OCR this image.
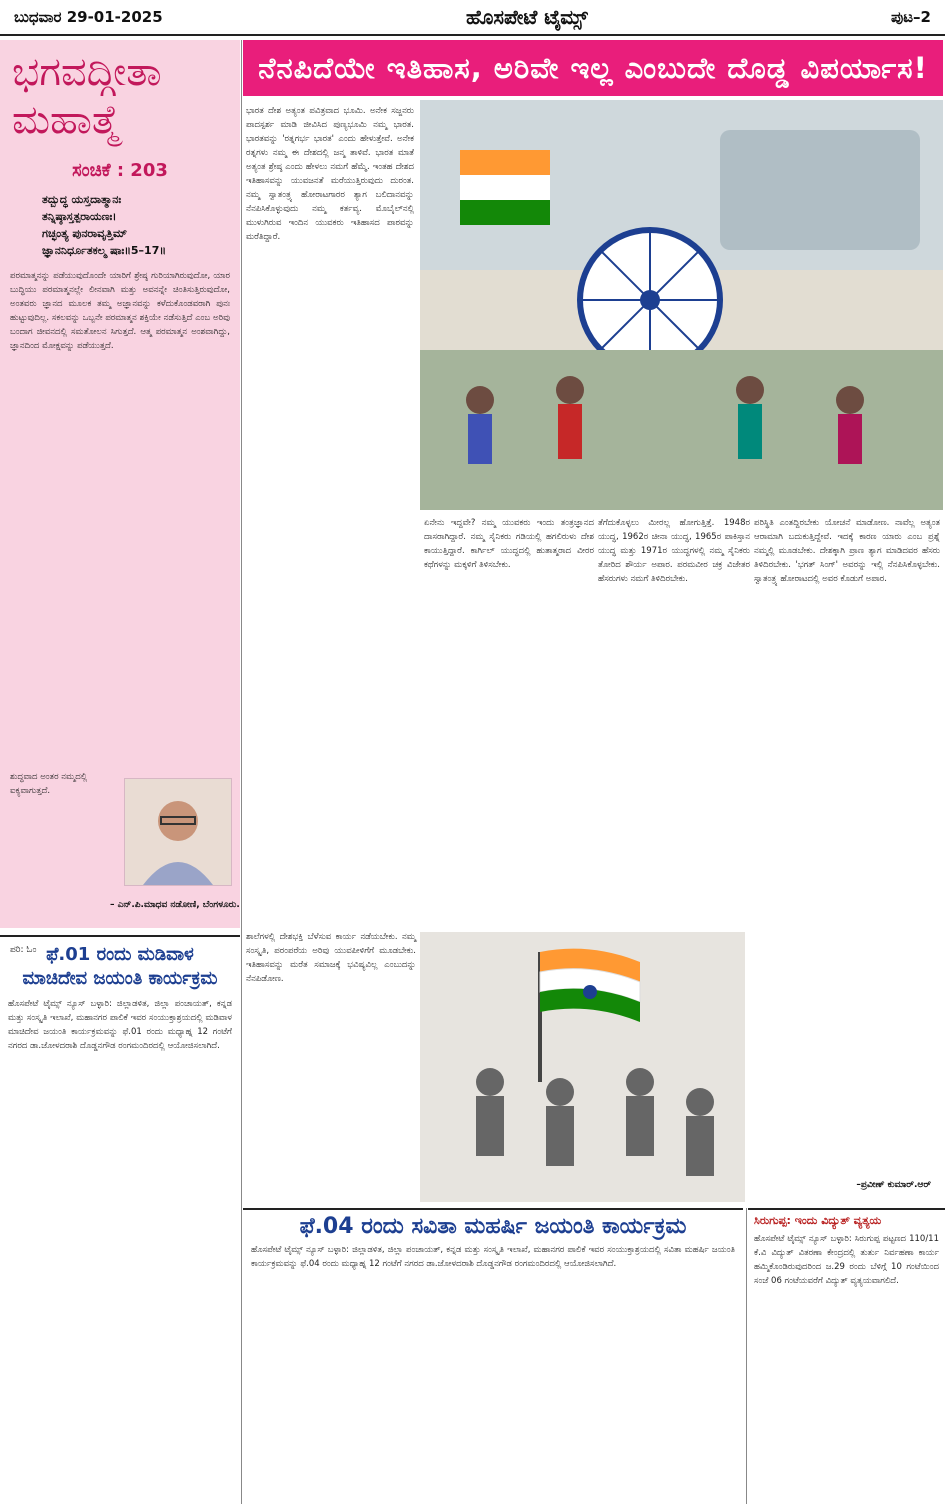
ಬುಧವಾರ 29-01-2025	ಹೊಸಪೇಟೆ ಟೈಮ್ಸ್	ಪುಟ–2
ಭಗವದ್ಗೀತಾ ಮಹಾತ್ಮೆ
ಸಂಚಿಕೆ : 203
ತದ್ಬುದ್ಧ ಯಸ್ತದಾತ್ಮಾನಃ
ತನ್ನಿಷ್ಠಾಸ್ತತ್ಪರಾಯಣಃ।
ಗಚ್ಛಂತ್ಯ ಪುನರಾವೃತ್ತಿಮ್
ಜ್ಞಾನನಿರ್ಧೂತಕಲ್ಮ ಷಾಃ॥5–17॥

ಪರಮಾತ್ಮನನ್ನು ಪಡೆಯುವುದೊಂದೇ ಯಾರಿಗೆ ಶ್ರೇಷ್ಠ ಗುರಿಯಾಗಿರುವುದೋ, ಯಾರ ಬುದ್ಧಿಯು ಪರಮಾತ್ಮನಲ್ಲೇ ಲೀನವಾಗಿ ಮತ್ತು ಅವನನ್ನೇ ಚಿಂತಿಸುತ್ತಿರುವುದೋ, ಅಂತವರು ಜ್ಞಾನದ ಮೂಲಕ ತಮ್ಮ ಅಜ್ಞಾನವನ್ನು ಕಳೆದುಕೊಂಡವರಾಗಿ ಪುನಃ ಹುಟ್ಟುವುದಿಲ್ಲ. ಸಕಲವನ್ನು ಒಬ್ಬನೇ ಪರಮಾತ್ಮನ ಶಕ್ತಿಯೇ ನಡೆಸುತ್ತಿದೆ ಎಂಬ ಅರಿವು ಬಂದಾಗ ಜೀವನದಲ್ಲಿ ಸಮತೋಲನ ಸಿಗುತ್ತದೆ. ಆತ್ಮ ಪರಮಾತ್ಮನ ಅಂಶವಾಗಿದ್ದು, ಜ್ಞಾನದಿಂದ ಮೋಕ್ಷವನ್ನು ಪಡೆಯುತ್ತದೆ.

ಶುದ್ಧವಾದ ಅಂತರ ನಮ್ಮದಲ್ಲಿ ಐಕ್ಯವಾಗುತ್ತದೆ.

– ಎನ್.ಪಿ.ಮಾಧವ ನಡೋಣಿ, ಬೆಂಗಳೂರು.
ಪರಿ: ಓಂ
ನೆನಪಿದೆಯೇ ಇತಿಹಾಸ, ಅರಿವೇ ಇಲ್ಲ ಎಂಬುದೇ ದೊಡ್ಡ ವಿಪರ್ಯಾಸ!
ಭಾರತ ದೇಶ ಅತ್ಯಂತ ಪವಿತ್ರವಾದ ಭೂಮಿ. ಅನೇಕ ಸಜ್ಜನರು ಪಾದಸ್ಪರ್ಶ ಮಾಡಿ ಜೀವಿಸಿದ ಪುಣ್ಯಭೂಮಿ ನಮ್ಮ ಭಾರತ. ಭಾರತವನ್ನು 'ರತ್ನಗರ್ಭ ಭಾರತ' ಎಂದು ಹೇಳುತ್ತೇವೆ. ಅನೇಕ ರತ್ನಗಳು ನಮ್ಮ ಈ ದೇಶದಲ್ಲಿ ಜನ್ಮ ತಾಳಿವೆ. ಭಾರತ ಮಾತೆ ಅತ್ಯಂತ ಶ್ರೇಷ್ಠ ಎಂದು ಹೇಳಲು ನಮಗೆ ಹೆಮ್ಮೆ. ಇಂತಹ ದೇಶದ ಇತಿಹಾಸವನ್ನು ಯುವಜನತೆ ಮರೆಯುತ್ತಿರುವುದು ದುರಂತ. ನಮ್ಮ ಸ್ವಾತಂತ್ರ್ಯ ಹೋರಾಟಗಾರರ ತ್ಯಾಗ ಬಲಿದಾನವನ್ನು ನೆನಪಿಸಿಕೊಳ್ಳುವುದು ನಮ್ಮ ಕರ್ತವ್ಯ. ಮೊಬೈಲ್‌ನಲ್ಲಿ ಮುಳುಗಿರುವ ಇಂದಿನ ಯುವಕರು ಇತಿಹಾಸದ ಪಾಠವನ್ನು ಮರೆತಿದ್ದಾರೆ.
ಏನೇನು ಇದ್ದವೇ? ನಮ್ಮ ಯುವಕರು ಇಂದು ತಂತ್ರಜ್ಞಾನದ ದಾಸರಾಗಿದ್ದಾರೆ. ನಮ್ಮ ಸೈನಿಕರು ಗಡಿಯಲ್ಲಿ ಹಗಲಿರುಳು ದೇಶ ಕಾಯುತ್ತಿದ್ದಾರೆ. ಕಾರ್ಗಿಲ್ ಯುದ್ಧದಲ್ಲಿ ಹುತಾತ್ಮರಾದ ವೀರರ ಕಥೆಗಳನ್ನು ಮಕ್ಕಳಿಗೆ ತಿಳಿಸಬೇಕು.
ತೆಗೆದುಕೊಳ್ಳಲು ಮೀರಲ್ಲ ಹೋಗುತ್ತಿತ್ತೆ. 1948ರ ಯುದ್ಧ, 1962ರ ಚೀನಾ ಯುದ್ಧ, 1965ರ ಪಾಕಿಸ್ತಾನ ಯುದ್ಧ ಮತ್ತು 1971ರ ಯುದ್ಧಗಳಲ್ಲಿ ನಮ್ಮ ಸೈನಿಕರು ತೋರಿದ ಶೌರ್ಯ ಅಪಾರ. ಪರಮವೀರ ಚಕ್ರ ವಿಜೇತರ ಹೆಸರುಗಳು ನಮಗೆ ತಿಳಿದಿರಬೇಕು.
ಪರಿಸ್ಥಿತಿ ಎಂತದ್ದಿರಬೇಕು ಯೋಚನೆ ಮಾಡೋಣ. ನಾವೆಲ್ಲ ಅತ್ಯಂತ ಆರಾಮಾಗಿ ಬದುಕುತ್ತಿದ್ದೇವೆ. ಇದಕ್ಕೆ ಕಾರಣ ಯಾರು ಎಂಬ ಪ್ರಶ್ನೆ ನಮ್ಮಲ್ಲಿ ಮೂಡಬೇಕು. ದೇಶಕ್ಕಾಗಿ ಪ್ರಾಣ ತ್ಯಾಗ ಮಾಡಿದವರ ಹೆಸರು ತಿಳಿದಿರಬೇಕು. 'ಭಗತ್ ಸಿಂಗ್' ಅವರನ್ನು ಇಲ್ಲಿ ನೆನಪಿಸಿಕೊಳ್ಳಬೇಕು. ಸ್ವಾತಂತ್ರ್ಯ ಹೋರಾಟದಲ್ಲಿ ಅವರ ಕೊಡುಗೆ ಅಪಾರ.
ಶಾಲೆಗಳಲ್ಲಿ ದೇಶಭಕ್ತಿ ಬೆಳೆಸುವ ಕಾರ್ಯ ನಡೆಯಬೇಕು. ನಮ್ಮ ಸಂಸ್ಕೃತಿ, ಪರಂಪರೆಯ ಅರಿವು ಯುವಪೀಳಿಗೆಗೆ ಮೂಡಬೇಕು. ಇತಿಹಾಸವನ್ನು ಮರೆತ ಸಮಾಜಕ್ಕೆ ಭವಿಷ್ಯವಿಲ್ಲ ಎಂಬುದನ್ನು ನೆನಪಿಡೋಣ.
–ಪ್ರವೀಣ್ ಕುಮಾರ್.ಆರ್
ಫೆ.01 ರಂದು ಮಡಿವಾಳ
ಮಾಚಿದೇವ ಜಯಂತಿ ಕಾರ್ಯಕ್ರಮ

ಹೊಸಪೇಟೆ ಟೈಮ್ಸ್ ನ್ಯೂಸ್ ಬಳ್ಳಾರಿ: ಜಿಲ್ಲಾಡಳಿತ, ಜಿಲ್ಲಾ ಪಂಚಾಯತ್, ಕನ್ನಡ ಮತ್ತು ಸಂಸ್ಕೃತಿ ಇಲಾಖೆ, ಮಹಾನಗರ ಪಾಲಿಕೆ ಇವರ ಸಂಯುಕ್ತಾಶ್ರಯದಲ್ಲಿ ಮಡಿವಾಳ ಮಾಚಿದೇವ ಜಯಂತಿ ಕಾರ್ಯಕ್ರಮವನ್ನು ಫೆ.01 ರಂದು ಮಧ್ಯಾಹ್ನ 12 ಗಂಟೆಗೆ ನಗರದ ಡಾ.ಜೋಳದರಾಶಿ ದೊಡ್ಡನಗೌಡ ರಂಗಮಂದಿರದಲ್ಲಿ ಆಯೋಜಿಸಲಾಗಿದೆ.

ಫೆ.04 ರಂದು ಸವಿತಾ ಮಹರ್ಷಿ ಜಯಂತಿ ಕಾರ್ಯಕ್ರಮ

ಹೊಸಪೇಟೆ ಟೈಮ್ಸ್ ನ್ಯೂಸ್ ಬಳ್ಳಾರಿ: ಜಿಲ್ಲಾಡಳಿತ, ಜಿಲ್ಲಾ ಪಂಚಾಯತ್, ಕನ್ನಡ ಮತ್ತು ಸಂಸ್ಕೃತಿ ಇಲಾಖೆ, ಮಹಾನಗರ ಪಾಲಿಕೆ ಇವರ ಸಂಯುಕ್ತಾಶ್ರಯದಲ್ಲಿ ಸವಿತಾ ಮಹರ್ಷಿ ಜಯಂತಿ ಕಾರ್ಯಕ್ರಮವನ್ನು ಫೆ.04 ರಂದು ಮಧ್ಯಾಹ್ನ 12 ಗಂಟೆಗೆ ನಗರದ ಡಾ.ಜೋಳದರಾಶಿ ದೊಡ್ಡನಗೌಡ ರಂಗಮಂದಿರದಲ್ಲಿ ಆಯೋಜಿಸಲಾಗಿದೆ.

ಸಿರುಗುಪ್ಪ: ಇಂದು ವಿದ್ಯುತ್ ವ್ಯತ್ಯಯ

ಹೊಸಪೇಟೆ ಟೈಮ್ಸ್ ನ್ಯೂಸ್ ಬಳ್ಳಾರಿ: ಸಿರುಗುಪ್ಪ ಪಟ್ಟಣದ 110/11 ಕೆ.ವಿ ವಿದ್ಯುತ್ ವಿತರಣಾ ಕೇಂದ್ರದಲ್ಲಿ ತುರ್ತು ನಿರ್ವಹಣಾ ಕಾರ್ಯ ಹಮ್ಮಿಕೊಂಡಿರುವುದರಿಂದ ಜ.29 ರಂದು ಬೆಳಿಗ್ಗೆ 10 ಗಂಟೆಯಿಂದ ಸಂಜೆ 06 ಗಂಟೆಯವರೆಗೆ ವಿದ್ಯುತ್ ವ್ಯತ್ಯಯವಾಗಲಿದೆ.
